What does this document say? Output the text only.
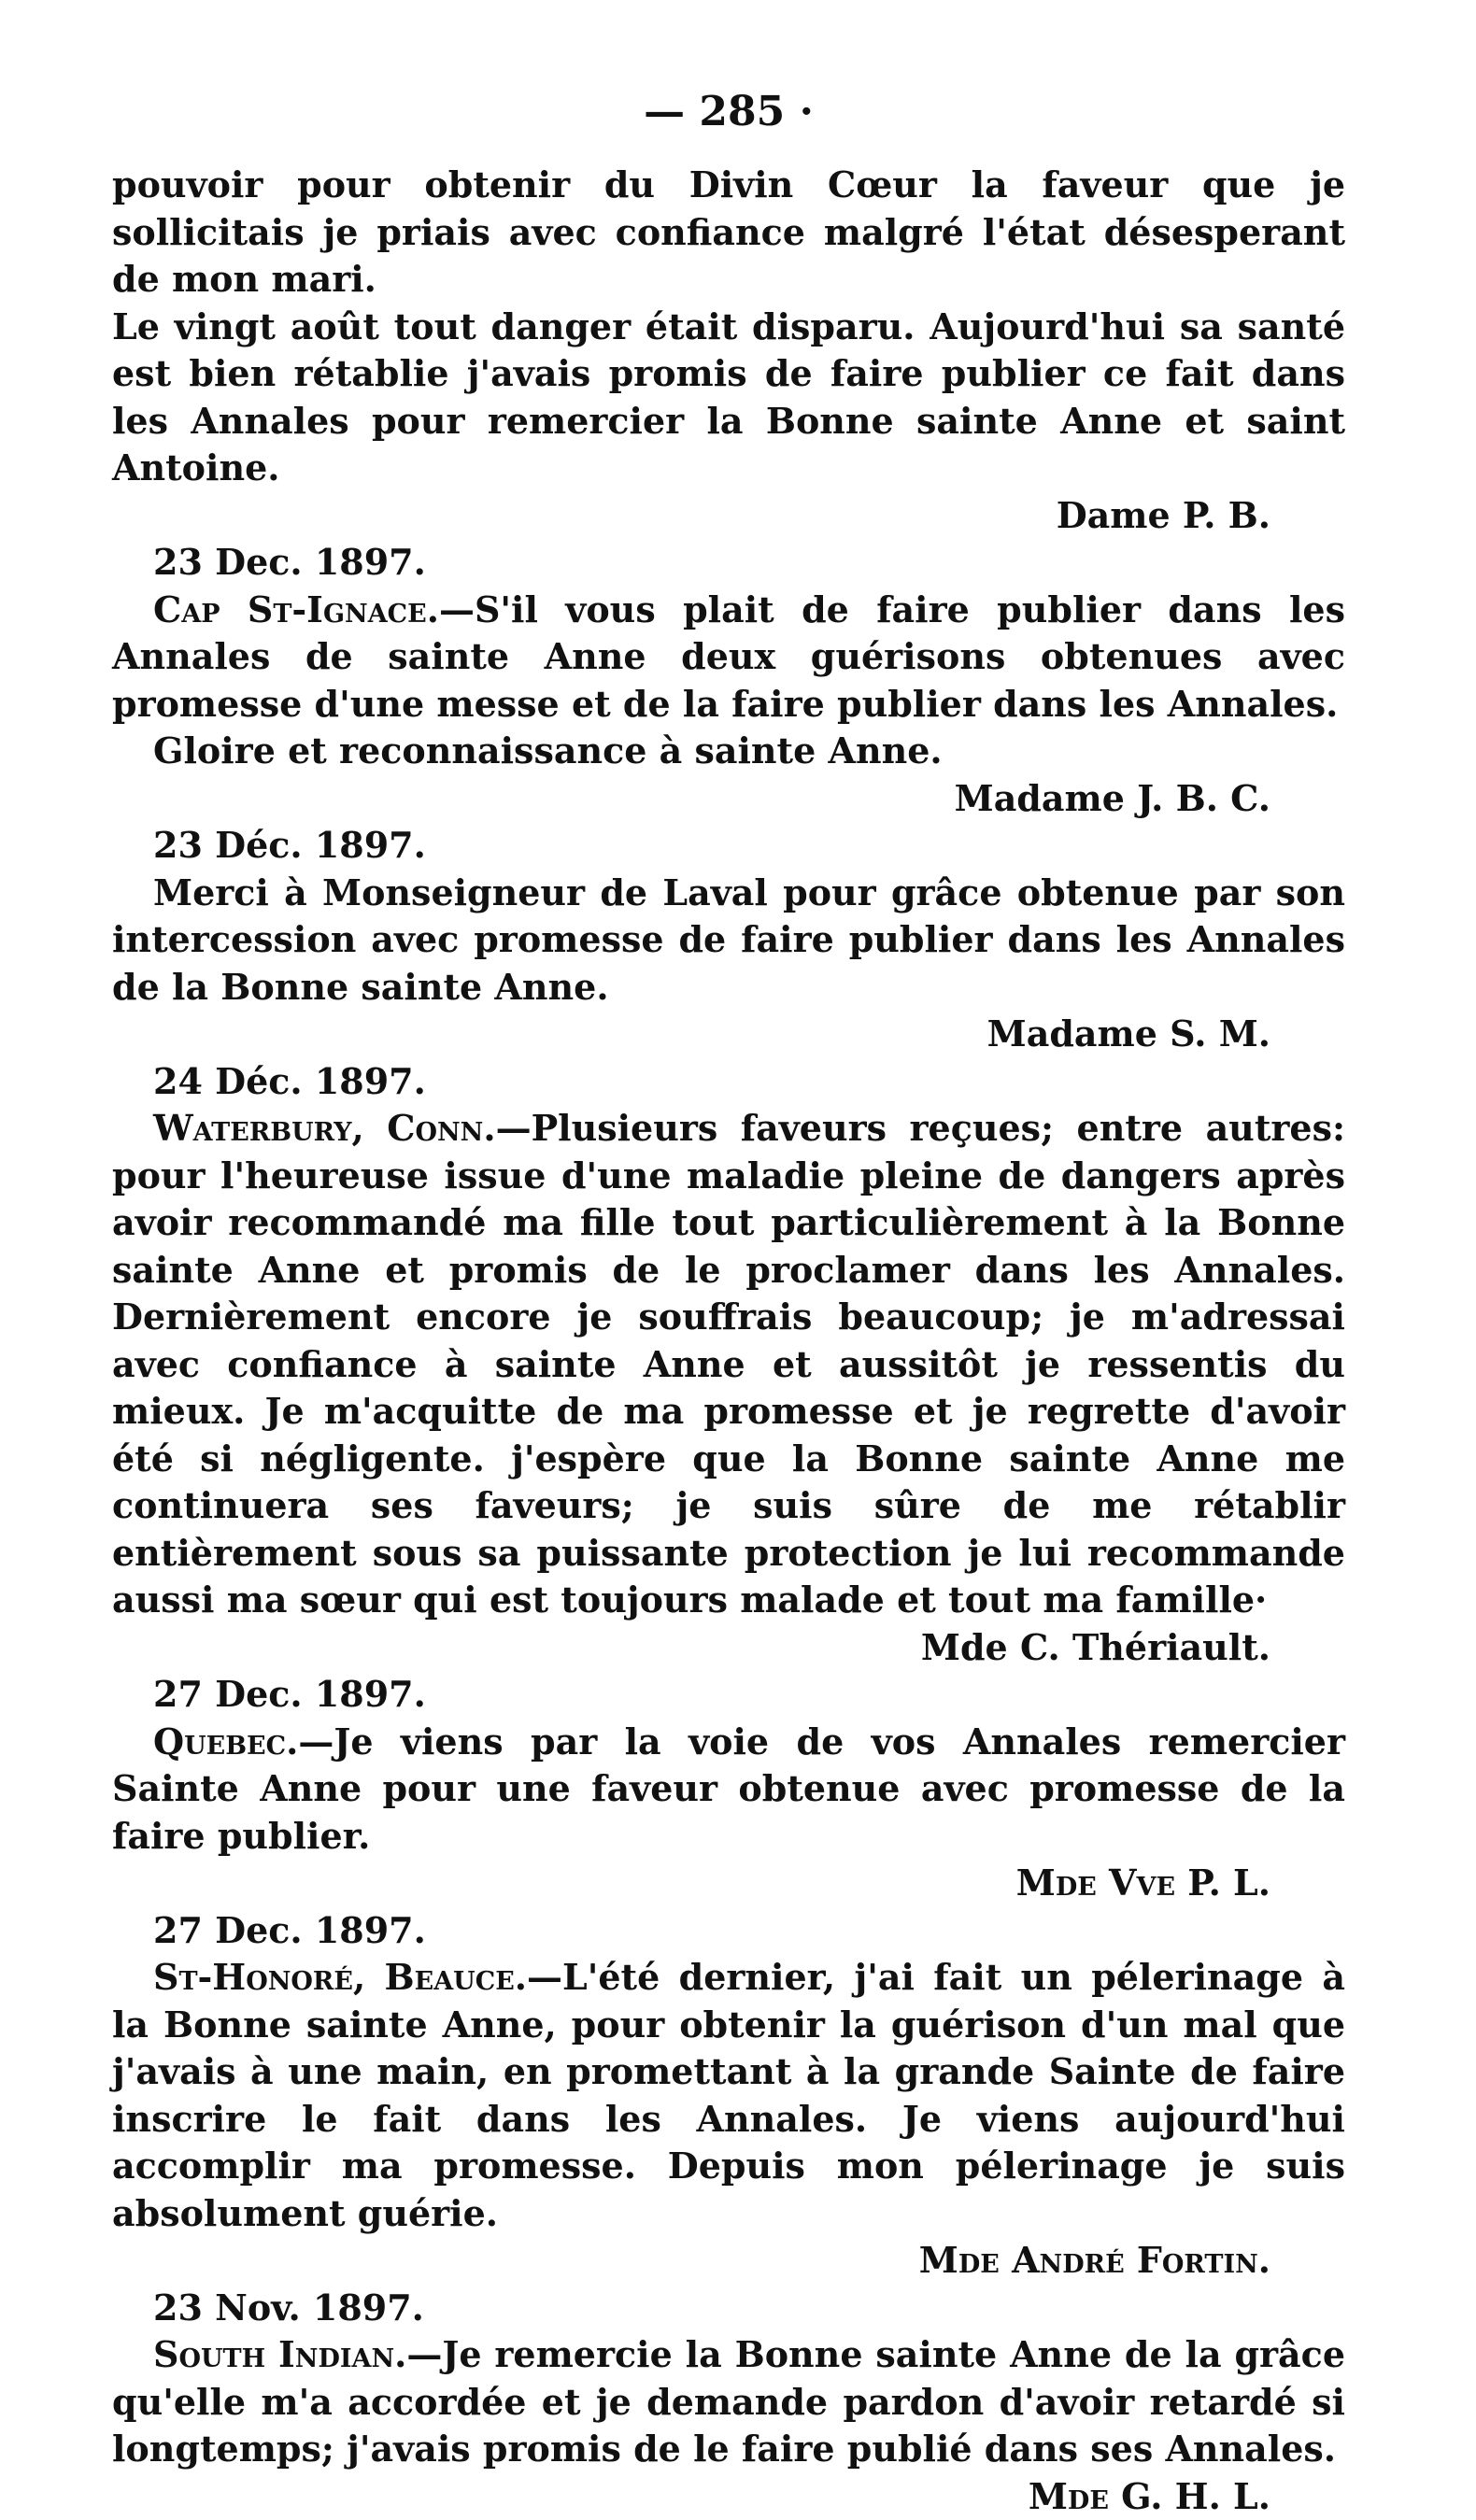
— 285 ·

pouvoir pour obtenir du Divin Cœur la faveur que je sollicitais je priais avec confiance malgré l'état désesperant de mon mari.

Le vingt août tout danger était disparu. Aujourd'hui sa santé est bien rétablie j'avais promis de faire publier ce fait dans les Annales pour remercier la Bonne sainte Anne et saint Antoine.

Dame P. B.

23 Dec. 1897.

Cap St-Ignace.—S'il vous plait de faire publier dans les Annales de sainte Anne deux guérisons obtenues avec promesse d'une messe et de la faire publier dans les Annales.

Gloire et reconnaissance à sainte Anne.

Madame J. B. C.

23 Déc. 1897.

Merci à Monseigneur de Laval pour grâce obtenue par son intercession avec promesse de faire publier dans les Annales de la Bonne sainte Anne.

Madame S. M.

24 Déc. 1897.

Waterbury, Conn.—Plusieurs faveurs reçues; entre autres: pour l'heureuse issue d'une maladie pleine de dangers après avoir recommandé ma fille tout particulièrement à la Bonne sainte Anne et promis de le proclamer dans les Annales. Dernièrement encore je souffrais beaucoup; je m'adressai avec confiance à sainte Anne et aussitôt je ressentis du mieux. Je m'acquitte de ma promesse et je regrette d'avoir été si négligente. j'espère que la Bonne sainte Anne me continuera ses faveurs; je suis sûre de me rétablir entièrement sous sa puissante protection je lui recommande aussi ma sœur qui est toujours malade et tout ma famille·

Mde C. Thériault.

27 Dec. 1897.

Quebec.—Je viens par la voie de vos Annales remercier Sainte Anne pour une faveur obtenue avec promesse de la faire publier.

Mde Vve P. L.

27 Dec. 1897.

St-Honoré, Beauce.—L'été dernier, j'ai fait un pélerinage à la Bonne sainte Anne, pour obtenir la guérison d'un mal que j'avais à une main, en promettant à la grande Sainte de faire inscrire le fait dans les Annales. Je viens aujourd'hui accomplir ma promesse. Depuis mon pélerinage je suis absolument guérie.

Mde André Fortin.

23 Nov. 1897.

South Indian.—Je remercie la Bonne sainte Anne de la grâce qu'elle m'a accordée et je demande pardon d'avoir retardé si longtemps; j'avais promis de le faire publié dans ses Annales.

Mde G. H. L.
